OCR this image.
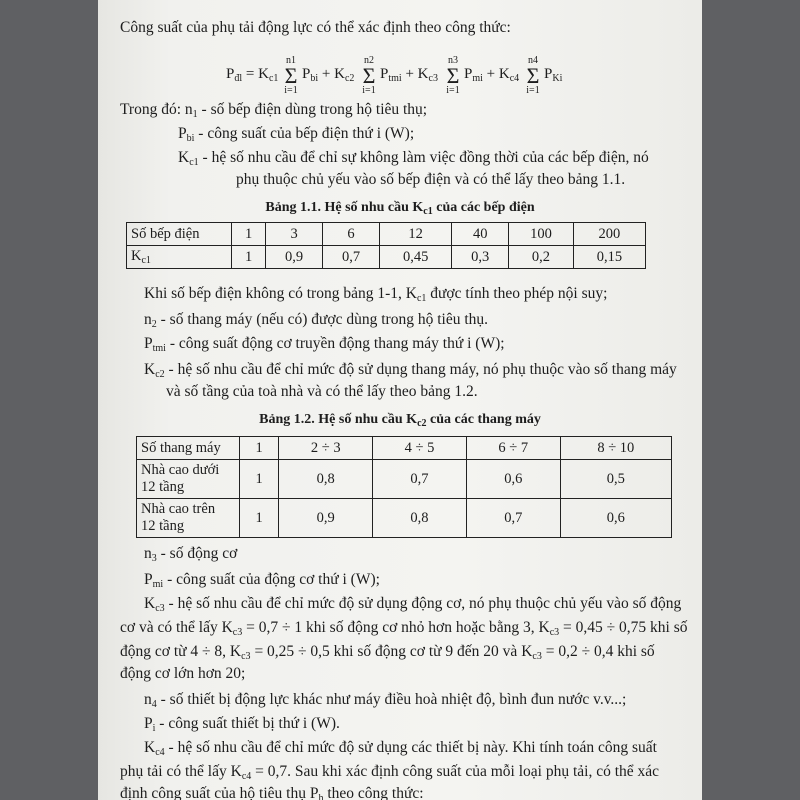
Công suất của phụ tải động lực có thể xác định theo công thức:
$P_{đl} = K_{c1}$
n1
Σ
i=1
$P_{bi} + K_{c2}$
n2
Σ
i=1
$P_{tmi} + K_{c3}$
n3
Σ
i=1
$P_{mi} + K_{c4}$
n4
Σ
i=1
$P_{Ki}$
Trong đó: $n_1$ - số bếp điện dùng trong hộ tiêu thụ;
$P_{bi}$ - công suất của bếp điện thứ i (W);
$K_{c1}$ - hệ số nhu cầu để chỉ sự không làm việc đồng thời của các bếp điện, nó
phụ thuộc chủ yếu vào số bếp điện và có thể lấy theo bảng 1.1.
Bảng 1.1. Hệ số nhu cầu $K_{c1}$ của các bếp điện
Số bếp điện	1	3	6	12	40	100	200
$K_{c1}$	1	0,9	0,7	0,45	0,3	0,2	0,15
Khi số bếp điện không có trong bảng 1-1, $K_{c1}$ được tính theo phép nội suy;
$n_2$ - số thang máy (nếu có) được dùng trong hộ tiêu thụ.
$P_{tmi}$ - công suất động cơ truyền động thang máy thứ i (W);
$K_{c2}$ - hệ số nhu cầu để chỉ mức độ sử dụng thang máy, nó phụ thuộc vào số thang máy
và số tầng của toà nhà và có thể lấy theo bảng 1.2.
Bảng 1.2. Hệ số nhu cầu $K_{c2}$ của các thang máy
Số thang máy	1	2 ÷ 3	4 ÷ 5	6 ÷ 7	8 ÷ 10
Nhà cao dưới
12 tầng	1	0,8	0,7	0,6	0,5
Nhà cao trên
12 tầng	1	0,9	0,8	0,7	0,6
$n_3$ - số động cơ
$P_{mi}$ - công suất của động cơ thứ i (W);
$K_{c3}$ - hệ số nhu cầu để chỉ mức độ sử dụng động cơ, nó phụ thuộc chủ yếu vào số động
cơ và có thể lấy $K_{c3} = 0,7 \div 1$ khi số động cơ nhỏ hơn hoặc bằng 3, $K_{c3} = 0,45 \div 0,75$ khi số
động cơ từ 4 ÷ 8, $K_{c3} = 0,25 \div 0,5$ khi số động cơ từ 9 đến 20 và $K_{c3} = 0,2 \div 0,4$ khi số
động cơ lớn hơn 20;
$n_4$ - số thiết bị động lực khác như máy điều hoà nhiệt độ, bình đun nước v.v...;
$P_i$ - công suất thiết bị thứ i (W).
$K_{c4}$ - hệ số nhu cầu để chỉ mức độ sử dụng các thiết bị này. Khi tính toán công suất
phụ tải có thể lấy $K_{c4} = 0,7$. Sau khi xác định công suất của mỗi loại phụ tải, có thể xác
định công suất của hộ tiêu thụ $P_h$ theo công thức:
